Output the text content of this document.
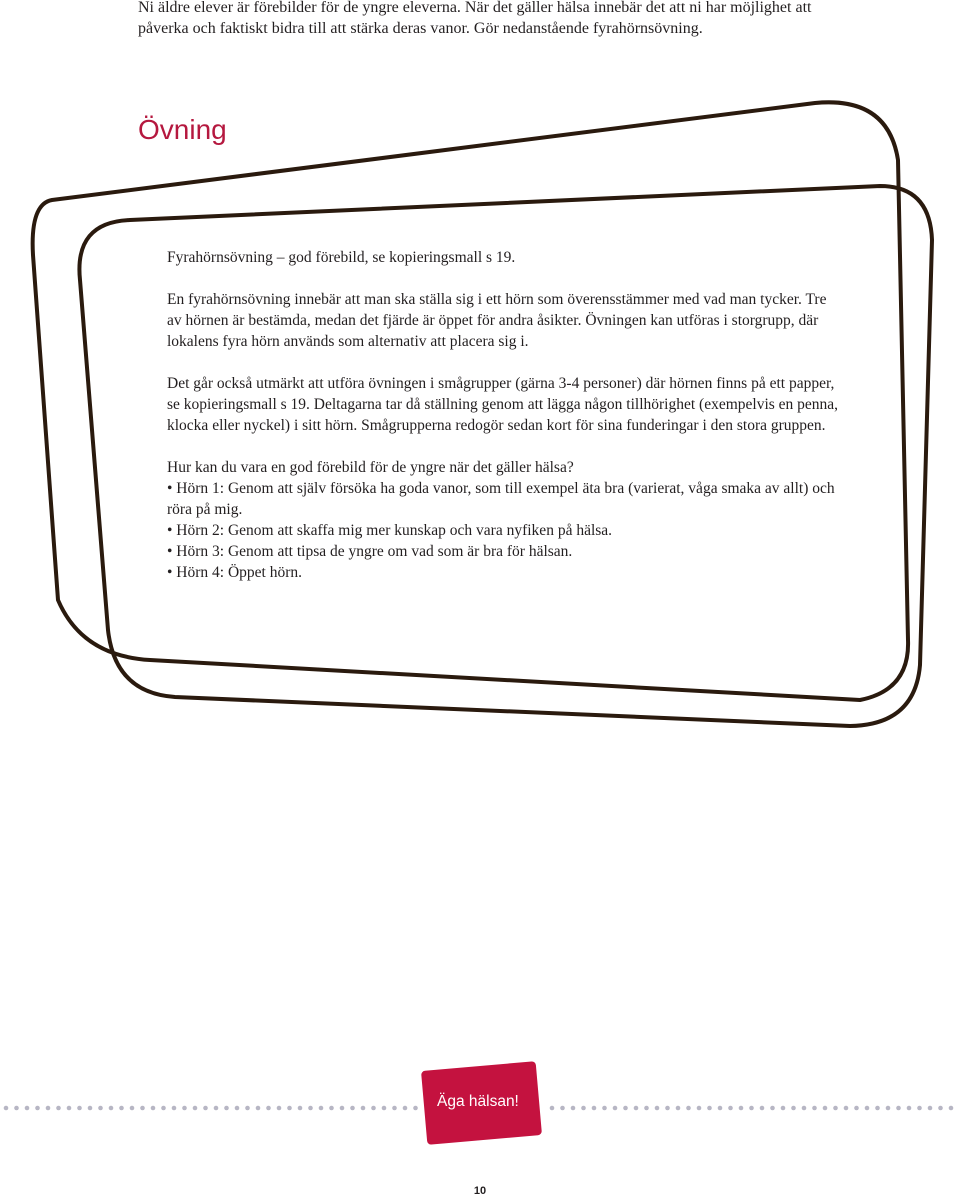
Ni äldre elever är förebilder för de yngre eleverna. När det gäller hälsa innebär det att ni har möjlighet att påverka och faktiskt bidra till att stärka deras vanor. Gör nedanstående fyrahörnsövning.
Övning

Fyrahörnsövning – god förebild, se kopieringsmall s 19.

En fyrahörnsövning innebär att man ska ställa sig i ett hörn som överensstämmer med vad man tycker. Tre av hörnen är bestämda, medan det fjärde är öppet för andra åsikter. Övningen kan utföras i storgrupp, där lokalens fyra hörn används som alternativ att placera sig i.

Det går också utmärkt att utföra övningen i smågrupper (gärna 3-4 personer) där hörnen finns på ett papper, se kopieringsmall s 19. Deltagarna tar då ställning genom att lägga någon tillhörighet (exempelvis en penna, klocka eller nyckel) i sitt hörn. Smågrupperna redogör sedan kort för sina funderingar i den stora gruppen.

Hur kan du vara en god förebild för de yngre när det gäller hälsa?

• Hörn 1: Genom att själv försöka ha goda vanor, som till exempel äta bra (varierat, våga smaka av allt) och röra på mig.

• Hörn 2: Genom att skaffa mig mer kunskap och vara nyfiken på hälsa.

• Hörn 3: Genom att tipsa de yngre om vad som är bra för hälsan.

• Hörn 4: Öppet hörn.

Äga hälsan!
10
